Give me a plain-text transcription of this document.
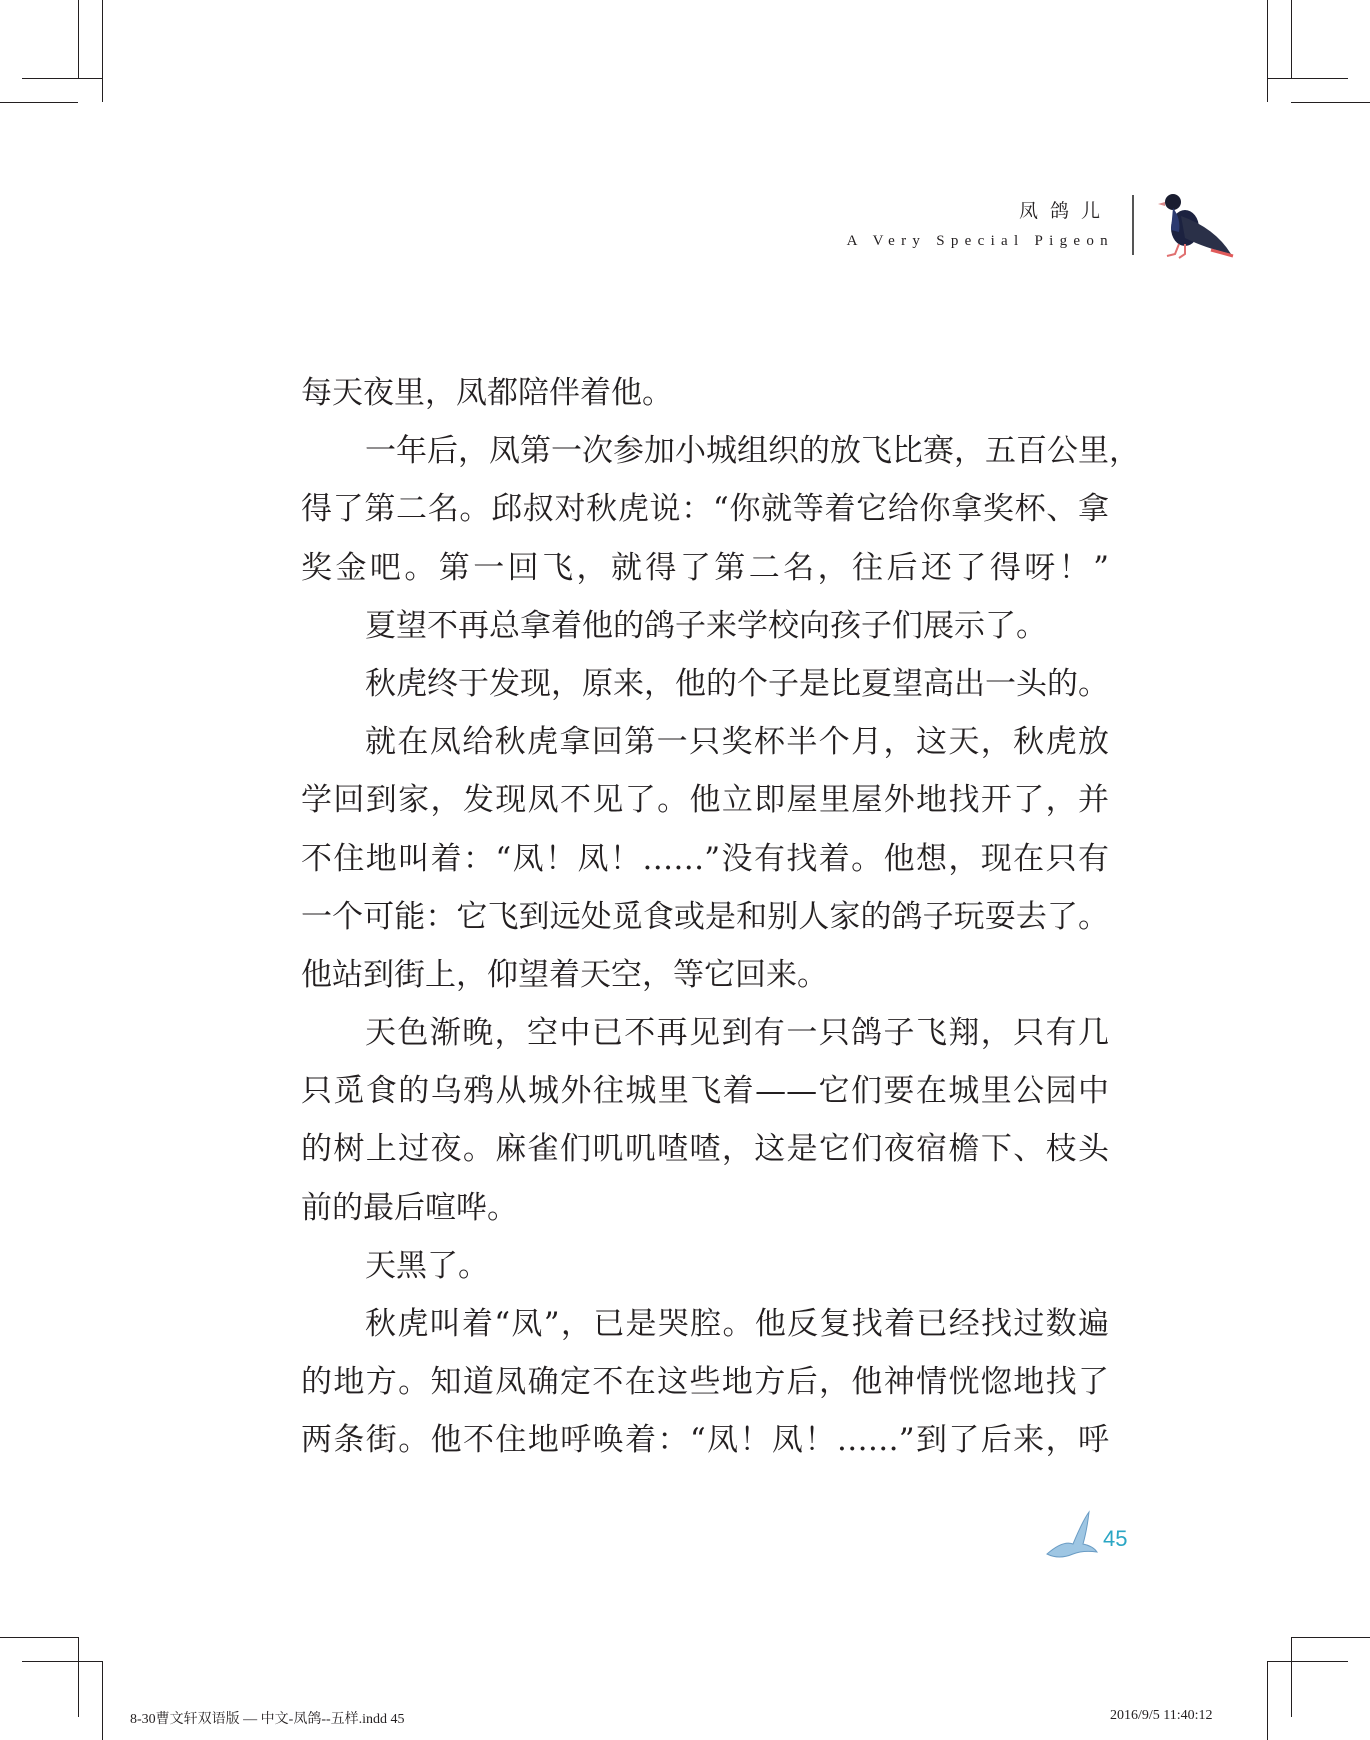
凤鸽儿
A Very Special Pigeon
每天夜里，凤都陪伴着他。
一年后，凤第一次参加小城组织的放飞比赛，五百公里，
得了第二名。邱叔对秋虎说：“你就等着它给你拿奖杯、拿
奖金吧。第一回飞，就得了第二名，往后还了得呀！”
夏望不再总拿着他的鸽子来学校向孩子们展示了。
秋虎终于发现，原来，他的个子是比夏望高出一头的。
就在凤给秋虎拿回第一只奖杯半个月，这天，秋虎放
学回到家，发现凤不见了。他立即屋里屋外地找开了，并
不住地叫着：“凤！凤！……”没有找着。他想，现在只有
一个可能：它飞到远处觅食或是和别人家的鸽子玩耍去了。
他站到街上，仰望着天空，等它回来。
天色渐晚，空中已不再见到有一只鸽子飞翔，只有几
只觅食的乌鸦从城外往城里飞着——它们要在城里公园中
的树上过夜。麻雀们叽叽喳喳，这是它们夜宿檐下、枝头
前的最后喧哗。
天黑了。
秋虎叫着“凤”，已是哭腔。他反复找着已经找过数遍
的地方。知道凤确定不在这些地方后，他神情恍惚地找了
两条街。他不住地呼唤着：“凤！凤！……”到了后来，呼
45
8-30曹文轩双语版 — 中文-凤鸽--五样.indd 45	2016/9/5 11:40:12
